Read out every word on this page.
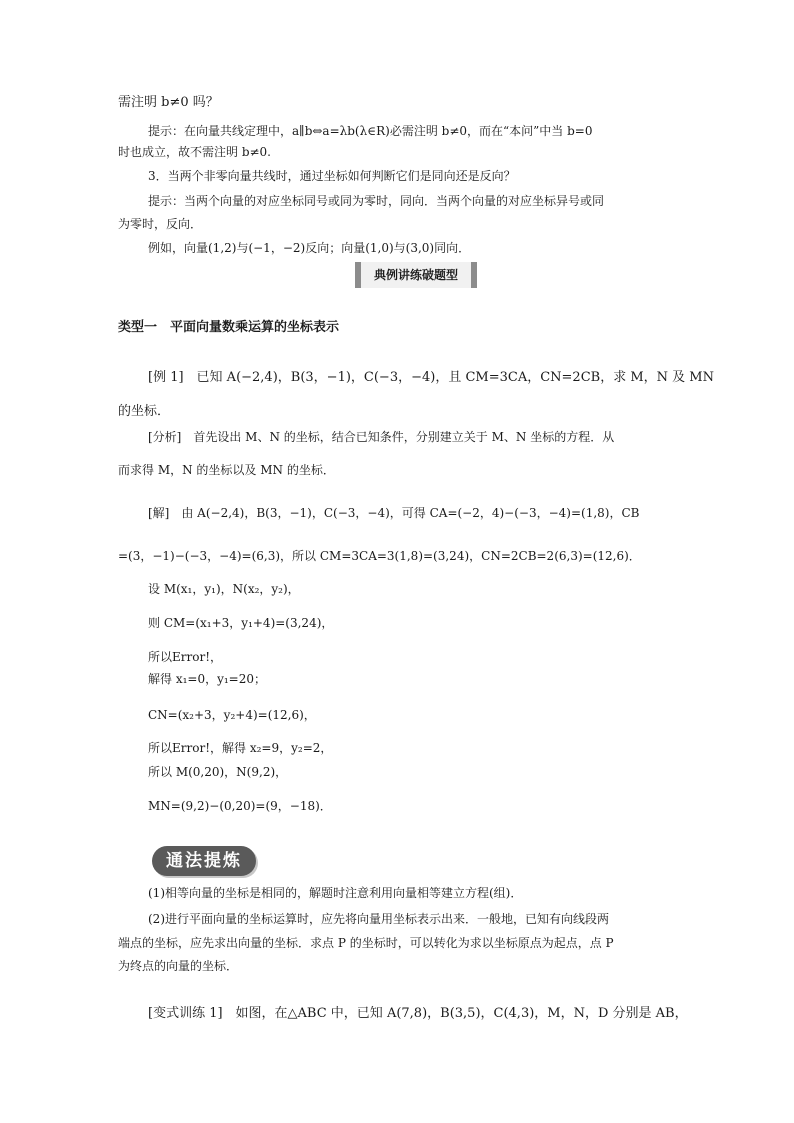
需注明 b≠0 吗？
提示：在向量共线定理中，a∥b⇔a=λb(λ∈R)必需注明 b≠0，而在“本问”中当 b=0
时也成立，故不需注明 b≠0.
3．当两个非零向量共线时，通过坐标如何判断它们是同向还是反向？
提示：当两个向量的对应坐标同号或同为零时，同向．当两个向量的对应坐标异号或同
为零时，反向．
例如，向量(1,2)与(−1，−2)反向；向量(1,0)与(3,0)同向．
典例讲练破题型
类型一　平面向量数乘运算的坐标表示
[例 1]　已知 A(−2,4)，B(3，−1)，C(−3，−4)，且 CM=3CA，CN=2CB，求 M，N 及 MN
的坐标．
[分析]　首先设出 M、N 的坐标，结合已知条件，分别建立关于 M、N 坐标的方程．从
而求得 M，N 的坐标以及 MN 的坐标．
[解]　由 A(−2,4)，B(3，−1)，C(−3，−4)，可得 CA=(−2，4)−(−3，−4)=(1,8)，CB
=(3，−1)−(−3，−4)=(6,3)，所以 CM=3CA=3(1,8)=(3,24)，CN=2CB=2(6,3)=(12,6)．
设 M(x₁，y₁)，N(x₂，y₂)，
则 CM=(x₁+3，y₁+4)=(3,24)，
所以Error!，
解得 x₁=0，y₁=20；
CN=(x₂+3，y₂+4)=(12,6)，
所以Error!，解得 x₂=9，y₂=2，
所以 M(0,20)，N(9,2)，
MN=(9,2)−(0,20)=(9，−18)．
通法提炼
(1)相等向量的坐标是相同的，解题时注意利用向量相等建立方程(组)．
(2)进行平面向量的坐标运算时，应先将向量用坐标表示出来．一般地，已知有向线段两
端点的坐标，应先求出向量的坐标．求点 P 的坐标时，可以转化为求以坐标原点为起点，点 P
为终点的向量的坐标．
[变式训练 1]　如图，在△ABC 中，已知 A(7,8)，B(3,5)，C(4,3)，M，N，D 分别是 AB，
